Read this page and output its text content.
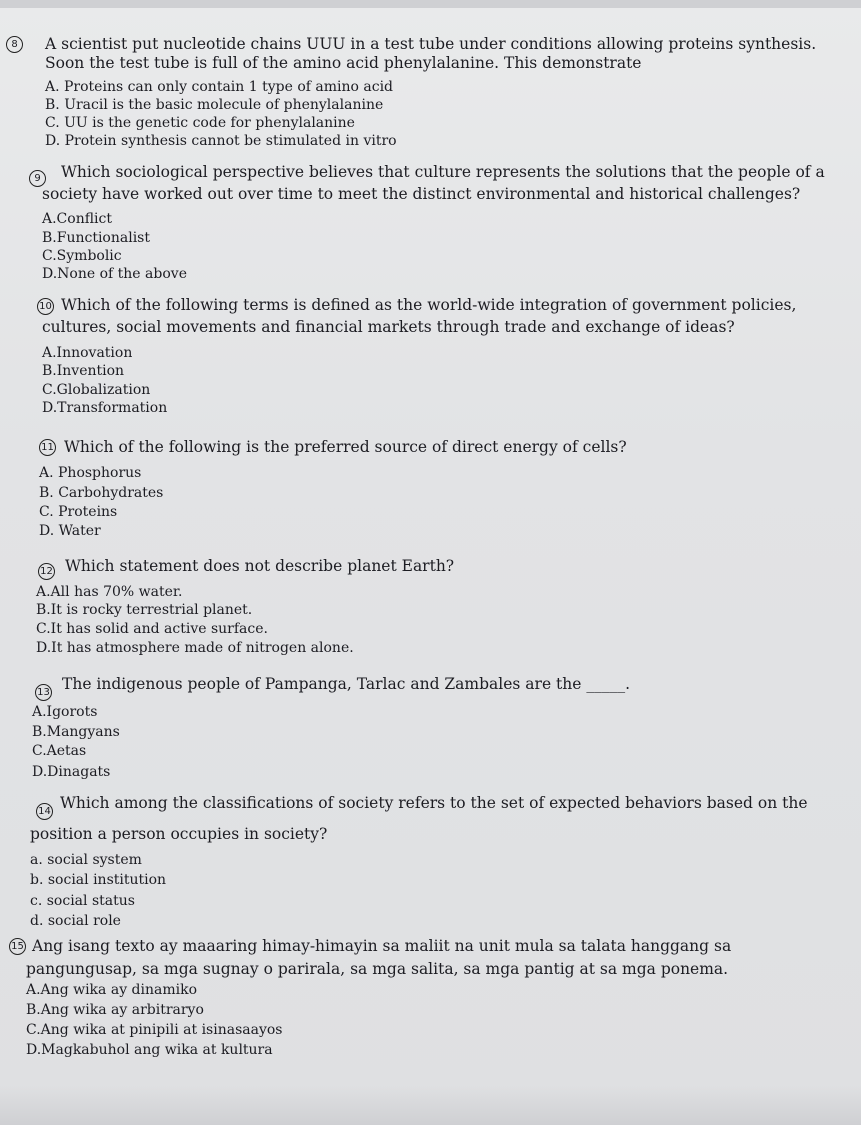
8	A scientist put nucleotide chains UUU in a test tube under conditions allowing proteins synthesis.
Soon the test tube is full of the amino acid phenylalanine. This demonstrate
A. Proteins can only contain 1 type of amino acid
B. Uracil is the basic molecule of phenylalanine
C. UU is the genetic code for phenylalanine
D. Protein synthesis cannot be stimulated in vitro
9	Which sociological perspective believes that culture represents the solutions that the people of a
society have worked out over time to meet the distinct environmental and historical challenges?
A.Conflict
B.Functionalist
C.Symbolic
D.None of the above
10 Which of the following terms is defined as the world-wide integration of government policies,
cultures, social movements and financial markets through trade and exchange of ideas?
A.Innovation
B.Invention
C.Globalization
D.Transformation
11 Which of the following is the preferred source of direct energy of cells?
A. Phosphorus
B. Carbohydrates
C. Proteins
D. Water
12 Which statement does not describe planet Earth?
A.All has 70% water.
B.It is rocky terrestrial planet.
C.It has solid and active surface.
D.It has atmosphere made of nitrogen alone.
13 The indigenous people of Pampanga, Tarlac and Zambales are the _____.
A.Igorots
B.Mangyans
C.Aetas
D.Dinagats
14 Which among the classifications of society refers to the set of expected behaviors based on the
position a person occupies in society?
a. social system
b. social institution
c. social status
d. social role
15 Ang isang texto ay maaaring himay-himayin sa maliit na unit mula sa talata hanggang sa
pangungusap, sa mga sugnay o parirala, sa mga salita, sa mga pantig at sa mga ponema.
A.Ang wika ay dinamiko
B.Ang wika ay arbitraryo
C.Ang wika at pinipili at isinasaayos
D.Magkabuhol ang wika at kultura
